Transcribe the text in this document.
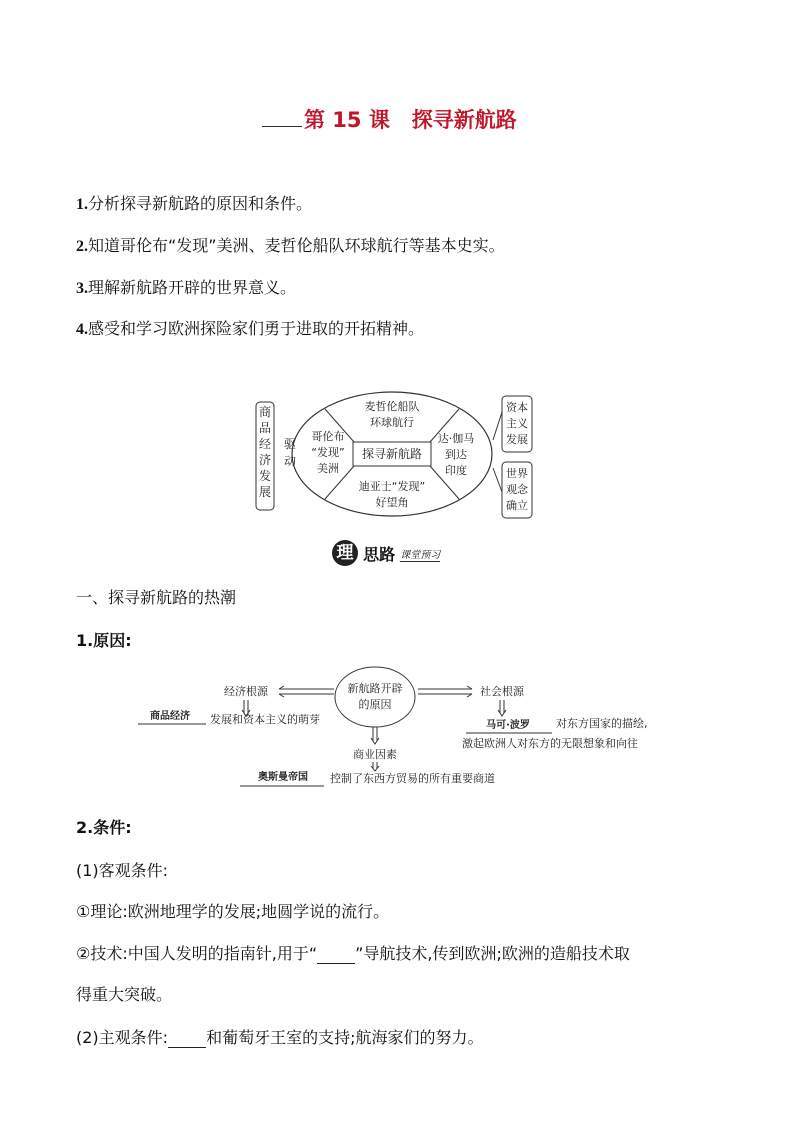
第 15 课 探寻新航路
1.分析探寻新航路的原因和条件。
2.知道哥伦布“发现”美洲、麦哲伦船队环球航行等基本史实。
3.理解新航路开辟的世界意义。
4.感受和学习欧洲探险家们勇于进取的开拓精神。
商品经济发展
驱
动	探寻新航路
麦哲伦船队
环球航行
哥伦布
“发现”
美洲
达·伽马
到达
印度
迪亚士“发现”
好望角
资本
主义
发展
世界
观念
确立
理 思路 课堂预习
一、探寻新航路的热潮
1.原因:
新航路开辟
的原因
经济根源
商品经济 发展和资本主义的萌芽
社会根源
马可·波罗 对东方国家的描绘,
激起欧洲人对东方的无限想象和向往
商业因素
奥斯曼帝国 控制了东西方贸易的所有重要商道
2.条件:
(1)客观条件:
①理论:欧洲地理学的发展;地圆学说的流行。
②技术:中国人发明的指南针,用于“ ”导航技术,传到欧洲;欧洲的造船技术取
得重大突破。
(2)主观条件: 和葡萄牙王室的支持;航海家们的努力。
